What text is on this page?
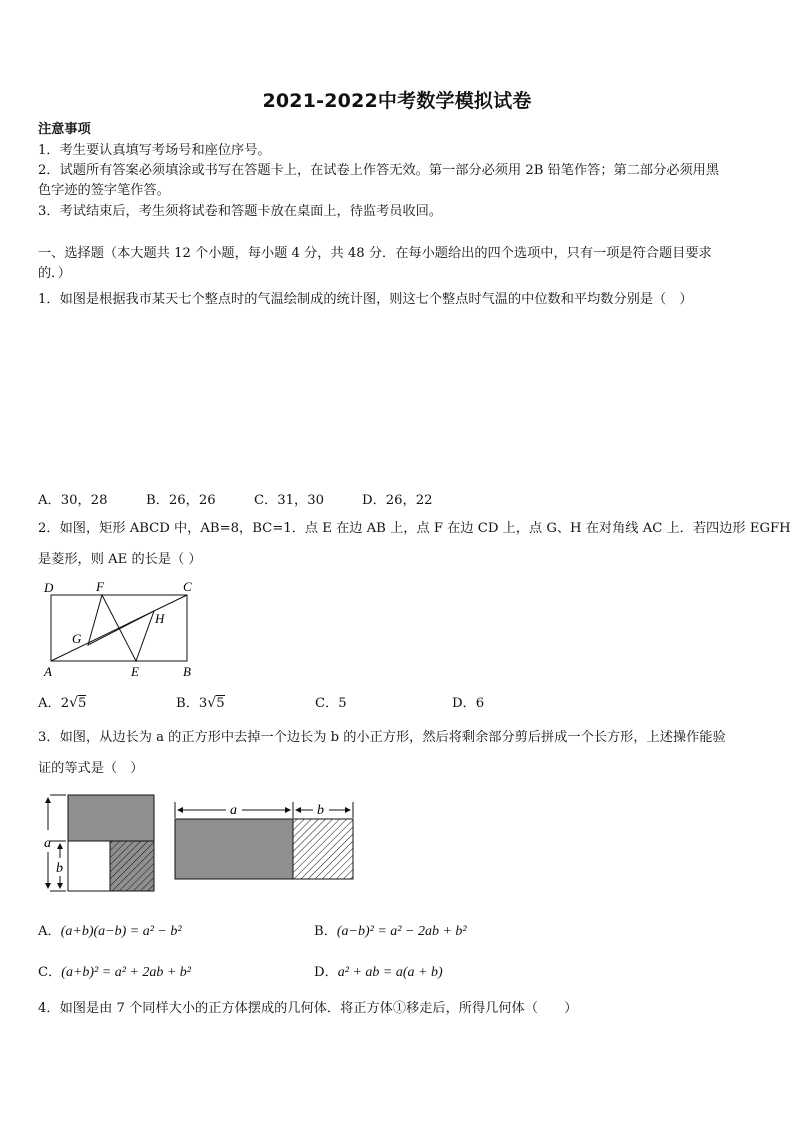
2021-2022中考数学模拟试卷
注意事项
1．考生要认真填写考场号和座位序号。
2．试题所有答案必须填涂或书写在答题卡上，在试卷上作答无效。第一部分必须用 2B 铅笔作答；第二部分必须用黑
色字迹的签字笔作答。
3．考试结束后，考生须将试卷和答题卡放在桌面上，待监考员收回。
一、选择题（本大题共 12 个小题，每小题 4 分，共 48 分．在每小题给出的四个选项中，只有一项是符合题目要求
的．）
1．如图是根据我市某天七个整点时的气温绘制成的统计图，则这七个整点时气温的中位数和平均数分别是（　）
A．30，28	B．26，26	C．31，30	D．26，22
2．如图，矩形 ABCD 中，AB=8，BC=1．点 E 在边 AB 上，点 F 在边 CD 上，点 G、H 在对角线 AC 上．若四边形 EGFH
是菱形，则 AE 的长是（ ）
D	F	C
H
G
A	E	B
A．2√5	B．3√5	C．5	D．6
3．如图，从边长为 a 的正方形中去掉一个边长为 b 的小正方形，然后将剩余部分剪后拼成一个长方形，上述操作能验
证的等式是（　）
a
b
a	b
A．(a+b)(a−b) = a² − b²	B．(a−b)² = a² − 2ab + b²
C．(a+b)² = a² + 2ab + b²	D．a² + ab = a(a + b)
4．如图是由 7 个同样大小的正方体摆成的几何体．将正方体①移走后，所得几何体（　　）
